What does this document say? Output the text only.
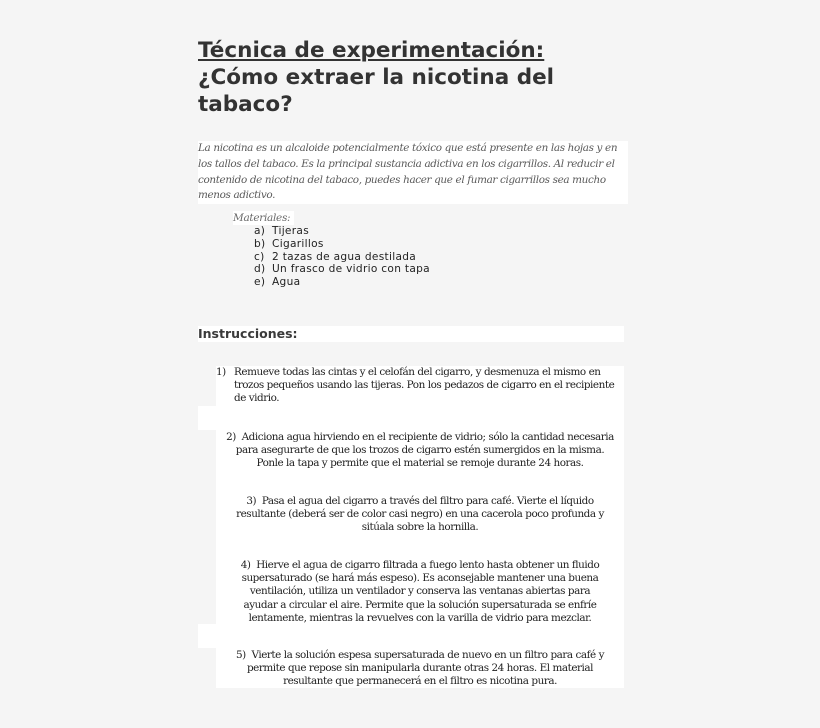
Técnica de experimentación:
¿Cómo extraer la nicotina del
tabaco?

La nicotina es un alcaloide potencialmente tóxico que está presente en las hojas y en los tallos del tabaco. Es la principal sustancia adictiva en los cigarrillos. Al reducir el contenido de nicotina del tabaco, puedes hacer que el fumar cigarrillos sea mucho menos adictivo.

Materiales:
a) Tijeras
b) Cigarillos
c) 2 tazas de agua destilada
d) Un frasco de vidrio con tapa
e) Agua
Instrucciones:
1) Remueve todas las cintas y el celofán del cigarro, y desmenuza el mismo en trozos pequeños usando las tijeras. Pon los pedazos de cigarro en el recipiente de vidrio.
2) Adiciona agua hirviendo en el recipiente de vidrio; sólo la cantidad necesaria
para asegurarte de que los trozos de cigarro estén sumergidos en la misma.
Ponle la tapa y permite que el material se remoje durante 24 horas.
3) Pasa el agua del cigarro a través del filtro para café. Vierte el líquido
resultante (deberá ser de color casi negro) en una cacerola poco profunda y
sitúala sobre la hornilla.
4) Hierve el agua de cigarro filtrada a fuego lento hasta obtener un fluido
supersaturado (se hará más espeso). Es aconsejable mantener una buena
ventilación, utiliza un ventilador y conserva las ventanas abiertas para
ayudar a circular el aire. Permite que la solución supersaturada se enfríe
lentamente, mientras la revuelves con la varilla de vidrio para mezclar.
5) Vierte la solución espesa supersaturada de nuevo en un filtro para café y
permite que repose sin manipularla durante otras 24 horas. El material
resultante que permanecerá en el filtro es nicotina pura.
